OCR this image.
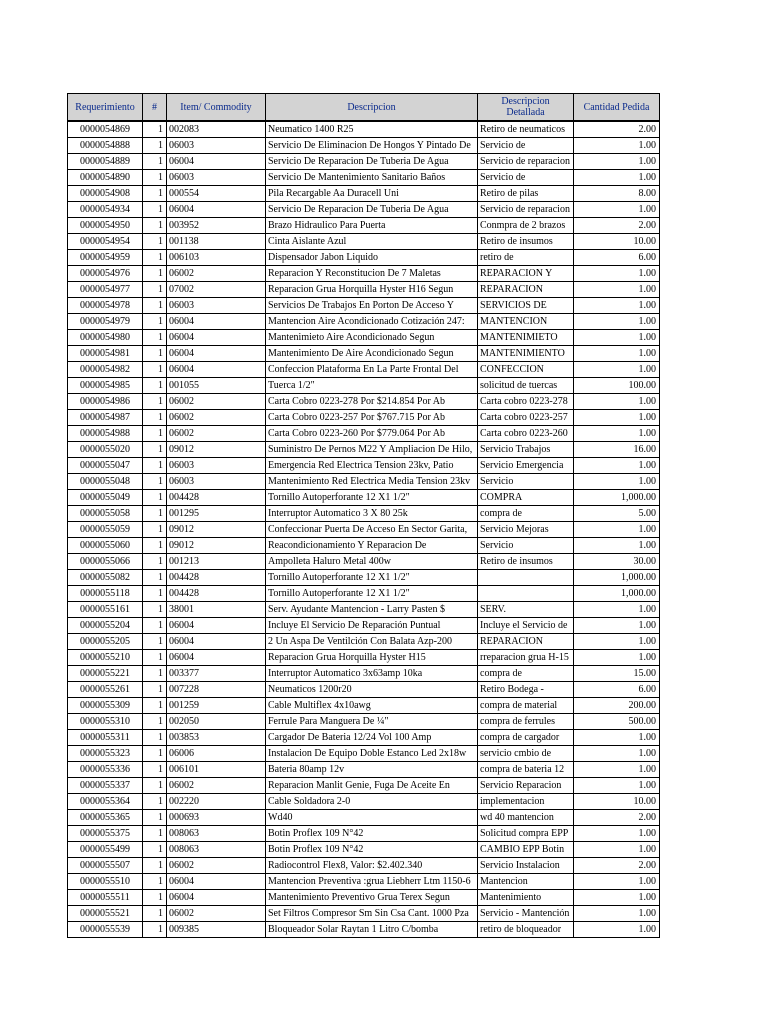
Requerimiento	#	Item/ Commodity	Descripcion	Descripcion Detallada	Cantidad Pedida
0000054869	1	002083	Neumatico 1400 R25	Retiro de neumaticos	2.00
0000054888	1	06003	Servicio De Eliminacion De Hongos Y Pintado De	Servicio de	1.00
0000054889	1	06004	Servicio De Reparacion De Tuberia De Agua	Servicio de reparacion	1.00
0000054890	1	06003	Servicio De Mantenimiento Sanitario Baños	Servicio de	1.00
0000054908	1	000554	Pila Recargable Aa Duracell Uni	Retiro de pilas	8.00
0000054934	1	06004	Servicio De Reparacion De Tuberia De Agua	Servicio de reparacion	1.00
0000054950	1	003952	Brazo Hidraulico Para Puerta	Conmpra de 2 brazos	2.00
0000054954	1	001138	Cinta Aislante Azul	Retiro de insumos	10.00
0000054959	1	006103	Dispensador Jabon Liquido	retiro de	6.00
0000054976	1	06002	Reparacion Y Reconstitucion De 7 Maletas	REPARACION Y	1.00
0000054977	1	07002	Reparacion Grua Horquilla Hyster H16 Segun	REPARACION	1.00
0000054978	1	06003	Servicios De Trabajos En Porton De Acceso Y	SERVICIOS DE	1.00
0000054979	1	06004	Mantencion Aire Acondicionado Cotización 247:	MANTENCION	1.00
0000054980	1	06004	Mantenimieto Aire Acondicionado Segun	MANTENIMIETO	1.00
0000054981	1	06004	Mantenimiento De Aire Acondicionado Segun	MANTENIMIENTO	1.00
0000054982	1	06004	Confeccion Plataforma En La Parte Frontal Del	CONFECCION	1.00
0000054985	1	001055	Tuerca 1/2"	solicitud de tuercas	100.00
0000054986	1	06002	Carta Cobro 0223-278 Por $214.854 Por Ab	Carta cobro 0223-278	1.00
0000054987	1	06002	Carta Cobro 0223-257 Por $767.715 Por Ab	Carta cobro 0223-257	1.00
0000054988	1	06002	Carta Cobro 0223-260 Por $779.064 Por Ab	Carta cobro 0223-260	1.00
0000055020	1	09012	Suministro De Pernos M22 Y Ampliacion De Hilo,	Servicio Trabajos	16.00
0000055047	1	06003	Emergencia Red Electrica Tension 23kv, Patio	Servicio Emergencia	1.00
0000055048	1	06003	Mantenimiento Red Electrica Media Tension 23kv	Servicio	1.00
0000055049	1	004428	Tornillo Autoperforante 12 X1 1/2"	COMPRA	1,000.00
0000055058	1	001295	Interruptor Automatico 3 X 80 25k	compra de	5.00
0000055059	1	09012	Confeccionar Puerta De Acceso En Sector Garita,	Servicio Mejoras	1.00
0000055060	1	09012	Reacondicionamiento Y Reparacion De	Servicio	1.00
0000055066	1	001213	Ampolleta Haluro Metal 400w	Retiro de insumos	30.00
0000055082	1	004428	Tornillo Autoperforante 12 X1 1/2"		1,000.00
0000055118	1	004428	Tornillo Autoperforante 12 X1 1/2"		1,000.00
0000055161	1	38001	Serv. Ayudante Mantencion - Larry Pasten $	SERV.	1.00
0000055204	1	06004	Incluye El Servicio De Reparación Puntual	Incluye el Servicio de	1.00
0000055205	1	06004	2 Un Aspa De Ventilción Con Balata Azp-200	REPARACION	1.00
0000055210	1	06004	Reparacion Grua Horquilla Hyster H15	rreparacion grua H-15	1.00
0000055221	1	003377	Interruptor Automatico 3x63amp 10ka	compra de	15.00
0000055261	1	007228	Neumaticos 1200r20	Retiro Bodega -	6.00
0000055309	1	001259	Cable Multiflex 4x10awg	compra de material	200.00
0000055310	1	002050	Ferrule Para Manguera De ¼"	compra de ferrules	500.00
0000055311	1	003853	Cargador De Bateria 12/24 Vol 100 Amp	compra de cargador	1.00
0000055323	1	06006	Instalacion De Equipo Doble Estanco Led 2x18w	servicio cmbio de	1.00
0000055336	1	006101	Bateria 80amp 12v	compra de bateria 12	1.00
0000055337	1	06002	Reparacion Manlit Genie, Fuga De Aceite En	Servicio Reparacion	1.00
0000055364	1	002220	Cable Soldadora 2-0	implementacion	10.00
0000055365	1	000693	Wd40	wd 40 mantencion	2.00
0000055375	1	008063	Botin Proflex 109 N°42	Solicitud compra EPP	1.00
0000055499	1	008063	Botin Proflex 109 N°42	CAMBIO EPP Botin	1.00
0000055507	1	06002	Radiocontrol Flex8, Valor: $2.402.340	Servicio Instalacion	2.00
0000055510	1	06004	Mantencion Preventiva :grua Liebherr Ltm 1150-6	Mantencion	1.00
0000055511	1	06004	Mantenimiento Preventivo Grua Terex Segun	Mantenimiento	1.00
0000055521	1	06002	Set Filtros Compresor Sm Sin Csa Cant. 1000 Pza	Servicio - Mantención	1.00
0000055539	1	009385	Bloqueador Solar Raytan 1 Litro C/bomba	retiro de bloqueador	1.00
